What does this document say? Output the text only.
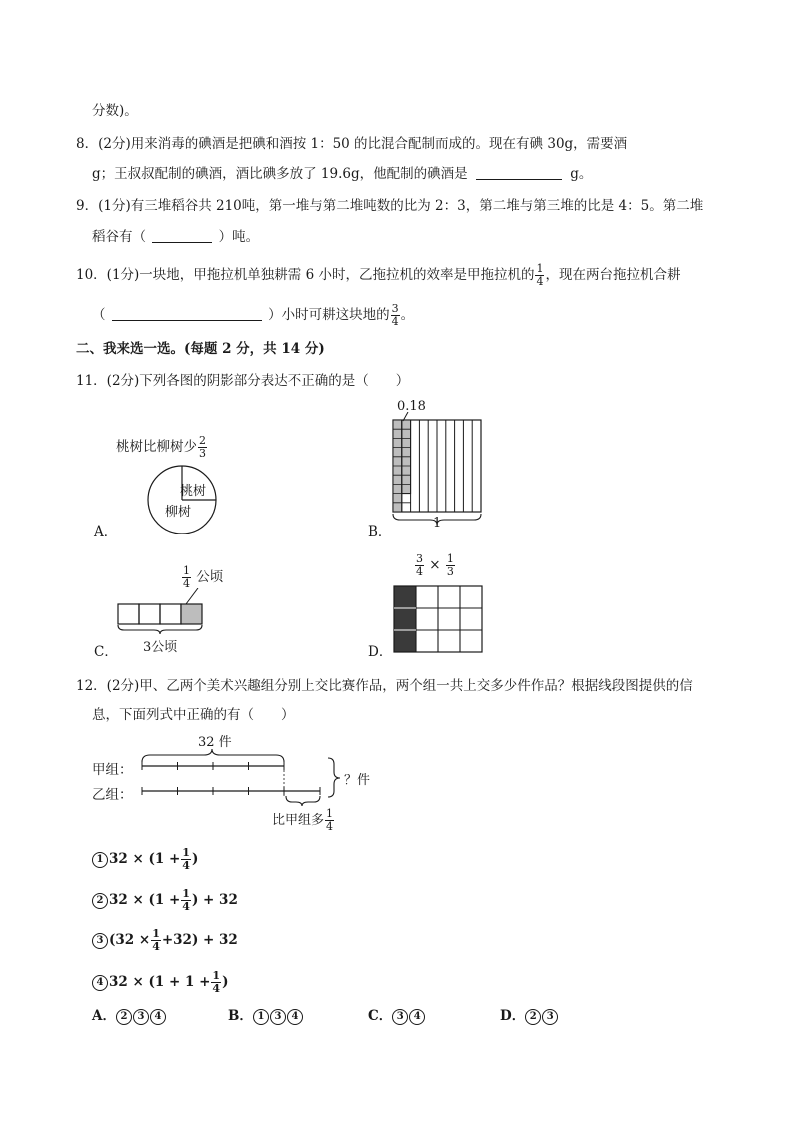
分数)。
8．(2分)用来消毒的碘酒是把碘和酒按 1：50 的比混合配制而成的。现在有碘 30g，需要酒
g；王叔叔配制的碘酒，酒比碘多放了 19.6g，他配制的碘酒是	g。
9．(1分)有三堆稻谷共 210吨，第一堆与第二堆吨数的比为 2：3，第二堆与第三堆的比是 4：5。第二堆
稻谷有（	）吨。
10．(1分)一块地，甲拖拉机单独耕需 6 小时，乙拖拉机的效率是甲拖拉机的 $\frac{1}{4}$ ，现在两台拖拉机合耕
（	）小时可耕这块地的 $\frac{3}{4}$ 。
二、我来选一选。(每题 2 分，共 14 分)
11．(2分)下列各图的阴影部分表达不正确的是（　　）
桃树比柳树少 $\frac{2}{3}$
桃树
柳树
A．
0.18
1
B．
$\frac{1}{4}$ 公顷
3公顷
C．
$\frac{3}{4} \times \frac{1}{3}$
D．
12．(2分)甲、乙两个美术兴趣组分别上交比赛作品，两个组一共上交多少件作品？根据线段图提供的信
息，下面列式中正确的有（　　）
32 件
甲组：
乙组：
？件
比甲组多 $\frac{1}{4}$
1 $32 \times (1 + \frac{1}{4}$ )
2 $32 \times (1 + \frac{1}{4}$ ) + 32
3 $(32 \times \frac{1}{4} +32) + 32$
4 $32 \times (1 + 1 + \frac{1}{4}$ )
A． 2 3 4	B． 1 3 4	C． 3 4	D． 2 3
